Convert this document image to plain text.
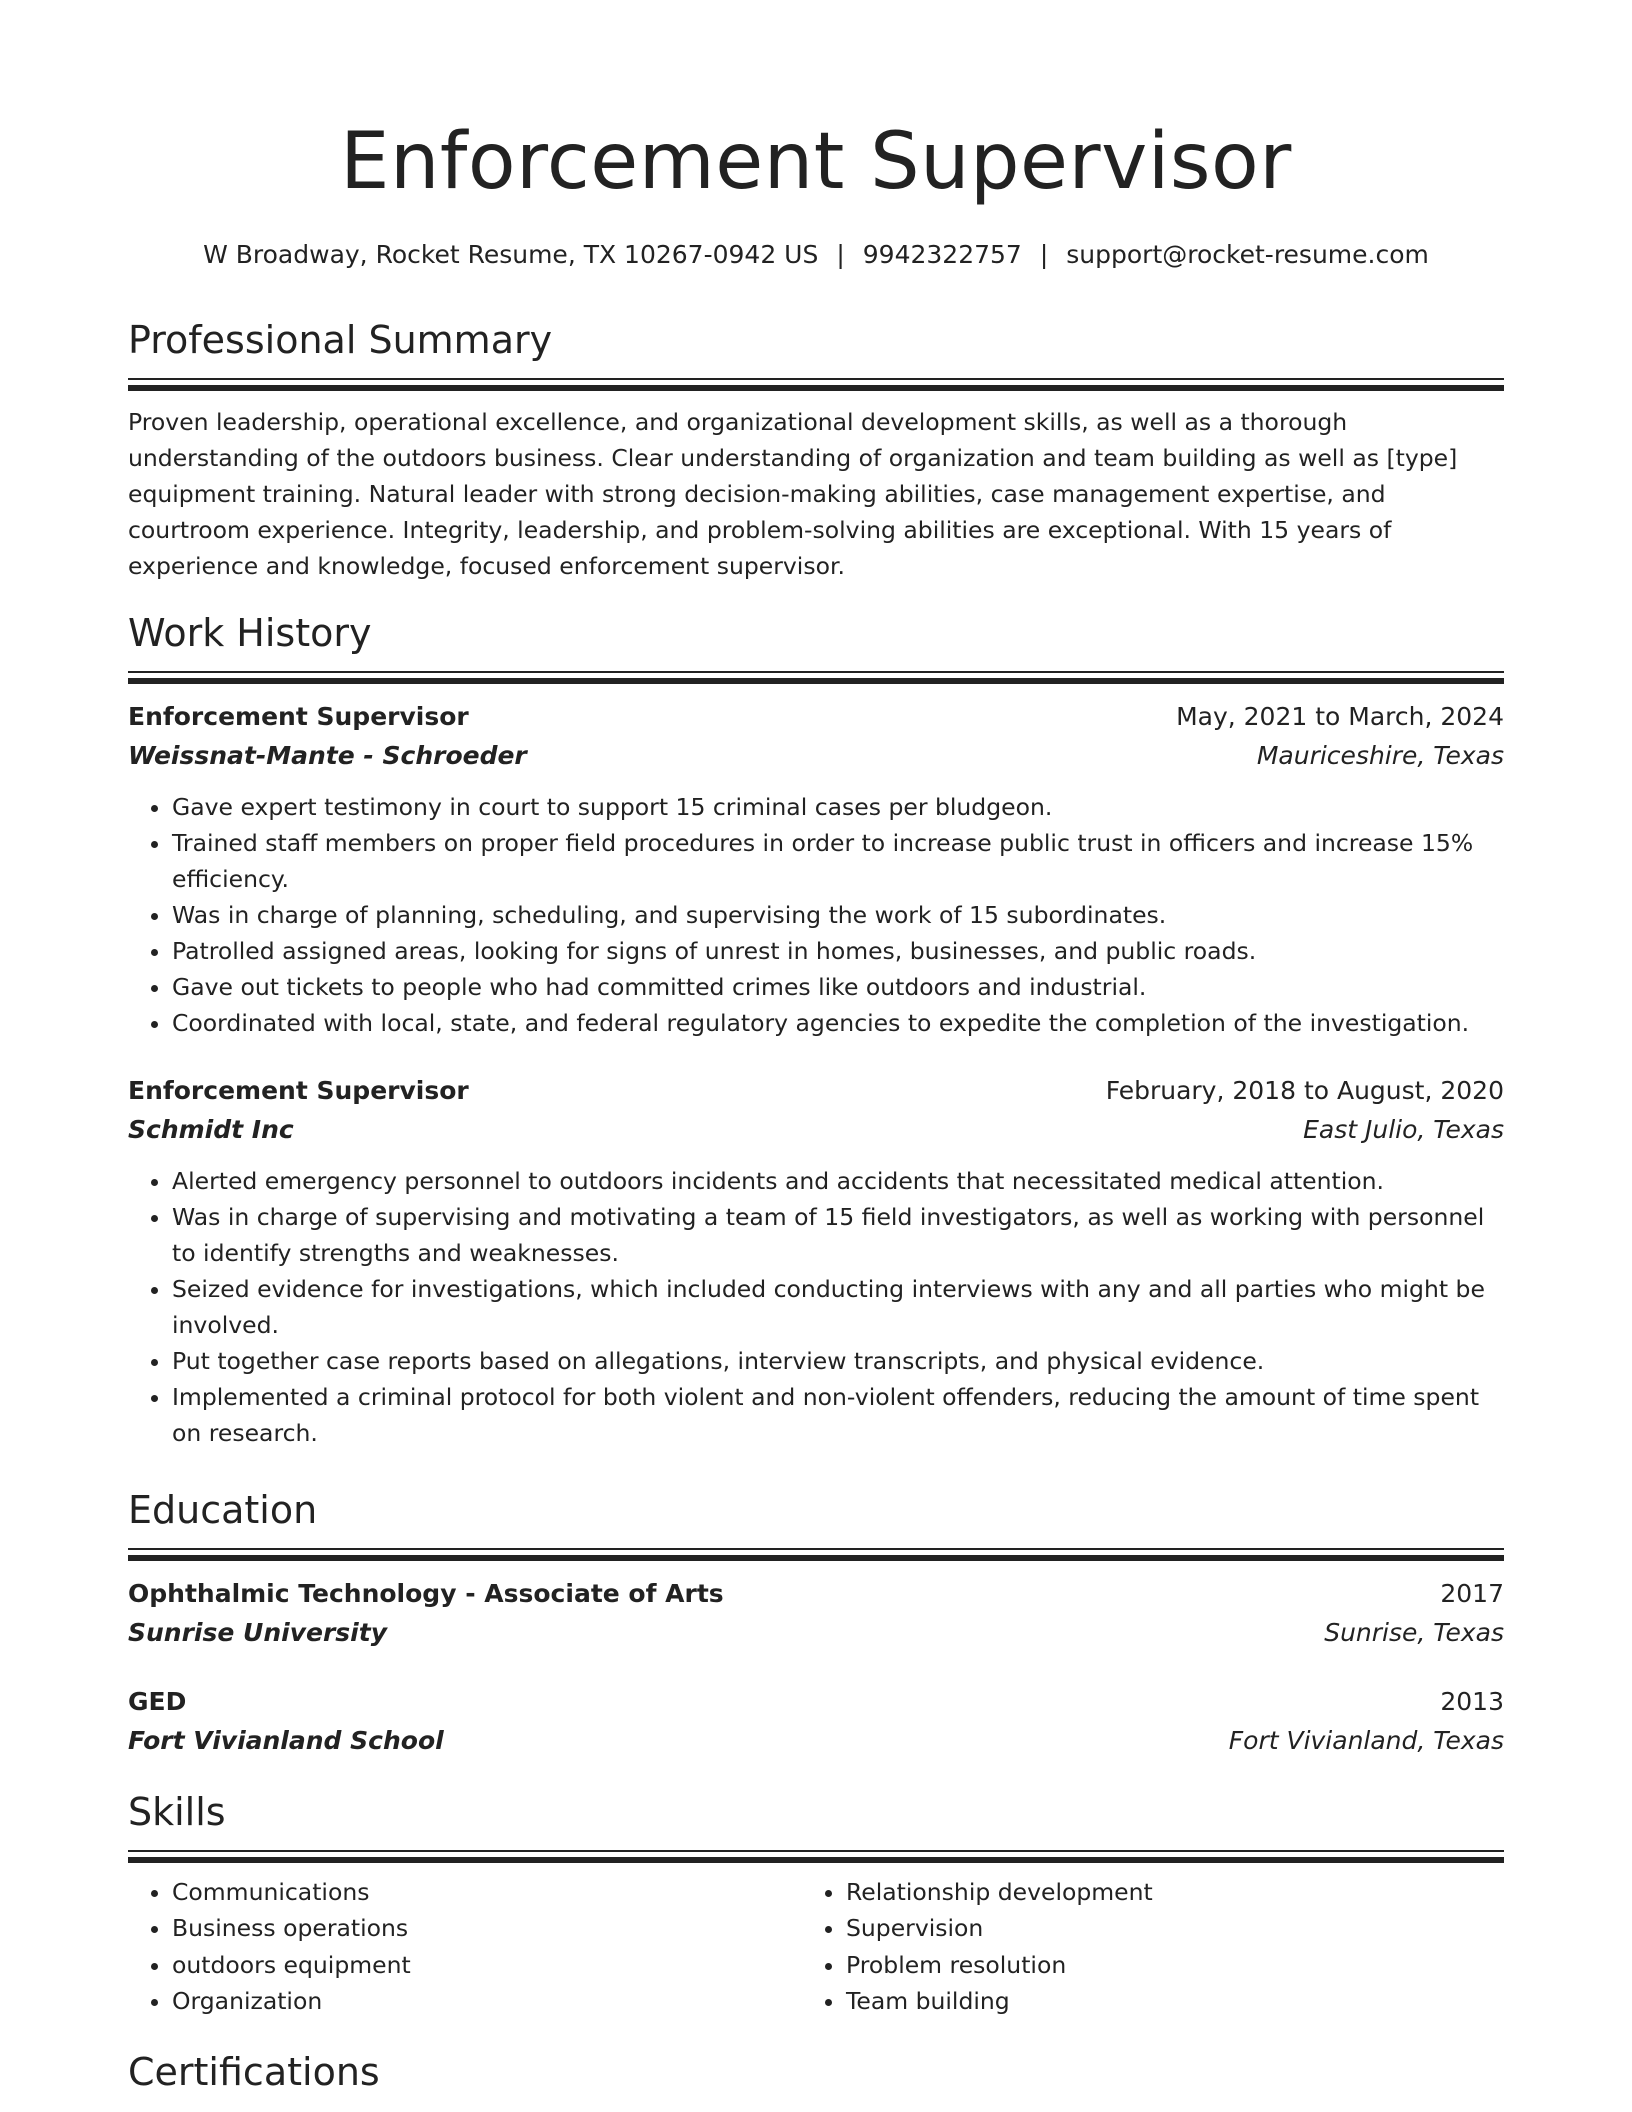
Enforcement Supervisor
W Broadway, Rocket Resume, TX 10267-0942 US | 9942322757 | support@rocket-resume.com
Professional Summary
Proven leadership, operational excellence, and organizational development skills, as well as a thorough understanding of the outdoors business. Clear understanding of organization and team building as well as [type] equipment training. Natural leader with strong decision-making abilities, case management expertise, and courtroom experience. Integrity, leadership, and problem-solving abilities are exceptional. With 15 years of experience and knowledge, focused enforcement supervisor.
Work History
Enforcement Supervisor	May, 2021 to March, 2024
Weissnat-Mante - Schroeder	Mauriceshire, Texas
• Gave expert testimony in court to support 15 criminal cases per bludgeon.
• Trained staff members on proper field procedures in order to increase public trust in officers and increase 15% efficiency.
• Was in charge of planning, scheduling, and supervising the work of 15 subordinates.
• Patrolled assigned areas, looking for signs of unrest in homes, businesses, and public roads.
• Gave out tickets to people who had committed crimes like outdoors and industrial.
• Coordinated with local, state, and federal regulatory agencies to expedite the completion of the investigation.
Enforcement Supervisor	February, 2018 to August, 2020
Schmidt Inc	East Julio, Texas
• Alerted emergency personnel to outdoors incidents and accidents that necessitated medical attention.
• Was in charge of supervising and motivating a team of 15 field investigators, as well as working with personnel to identify strengths and weaknesses.
• Seized evidence for investigations, which included conducting interviews with any and all parties who might be involved.
• Put together case reports based on allegations, interview transcripts, and physical evidence.
• Implemented a criminal protocol for both violent and non-violent offenders, reducing the amount of time spent on research.
Education
Ophthalmic Technology - Associate of Arts	2017
Sunrise University	Sunrise, Texas
GED	2013
Fort Vivianland School	Fort Vivianland, Texas
Skills
• Communications
• Business operations
• outdoors equipment
• Organization
• Relationship development
• Supervision
• Problem resolution
• Team building
Certifications
